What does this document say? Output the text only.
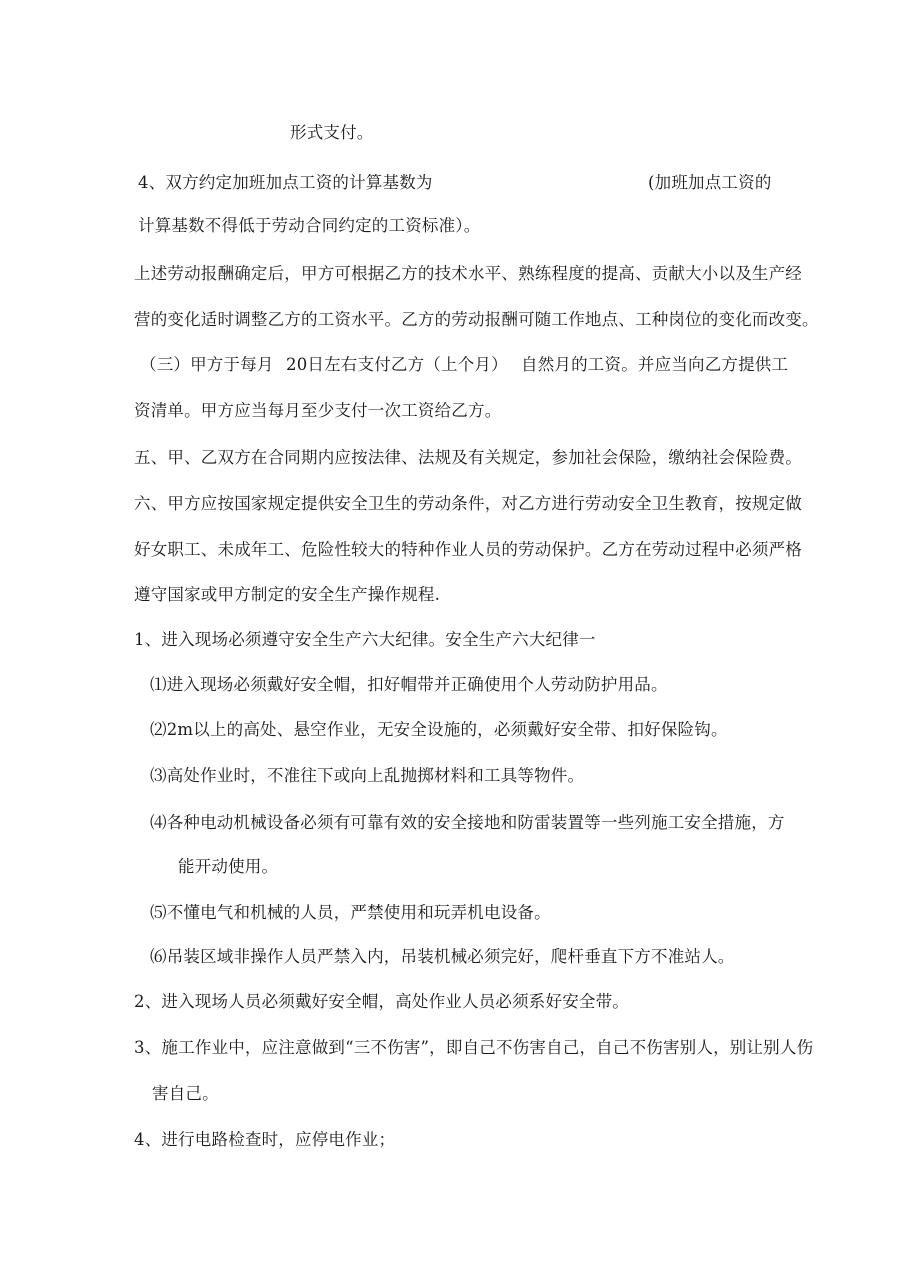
形式支付。
4、双方约定加班加点工资的计算基数为	(加班加点工资的
计算基数不得低于劳动合同约定的工资标准）。
上述劳动报酬确定后，甲方可根据乙方的技术水平、熟练程度的提高、贡献大小以及生产经
营的变化适时调整乙方的工资水平。乙方的劳动报酬可随工作地点、工种岗位的变化而改变。
（三）甲方于每月 20日左右支付乙方（上个月） 自然月的工资。并应当向乙方提供工
资清单。甲方应当每月至少支付一次工资给乙方。
五、甲、乙双方在合同期内应按法律、法规及有关规定，参加社会保险，缴纳社会保险费。
六、甲方应按国家规定提供安全卫生的劳动条件，对乙方进行劳动安全卫生教育，按规定做
好女职工、未成年工、危险性较大的特种作业人员的劳动保护。乙方在劳动过程中必须严格
遵守国家或甲方制定的安全生产操作规程.
1、进入现场必须遵守安全生产六大纪律。安全生产六大纪律一
⑴进入现场必须戴好安全帽，扣好帽带并正确使用个人劳动防护用品。
⑵2m以上的高处、悬空作业，无安全设施的，必须戴好安全带、扣好保险钩。
⑶高处作业时，不准往下或向上乱抛掷材料和工具等物件。
⑷各种电动机械设备必须有可靠有效的安全接地和防雷装置等一些列施工安全措施，方
能开动使用。
⑸不懂电气和机械的人员，严禁使用和玩弄机电设备。
⑹吊装区域非操作人员严禁入内，吊装机械必须完好，爬杆垂直下方不准站人。
2、进入现场人员必须戴好安全帽，高处作业人员必须系好安全带。
3、施工作业中，应注意做到“三不伤害”，即自己不伤害自己，自己不伤害别人，别让别人伤
害自己。
4、进行电路检查时，应停电作业；
